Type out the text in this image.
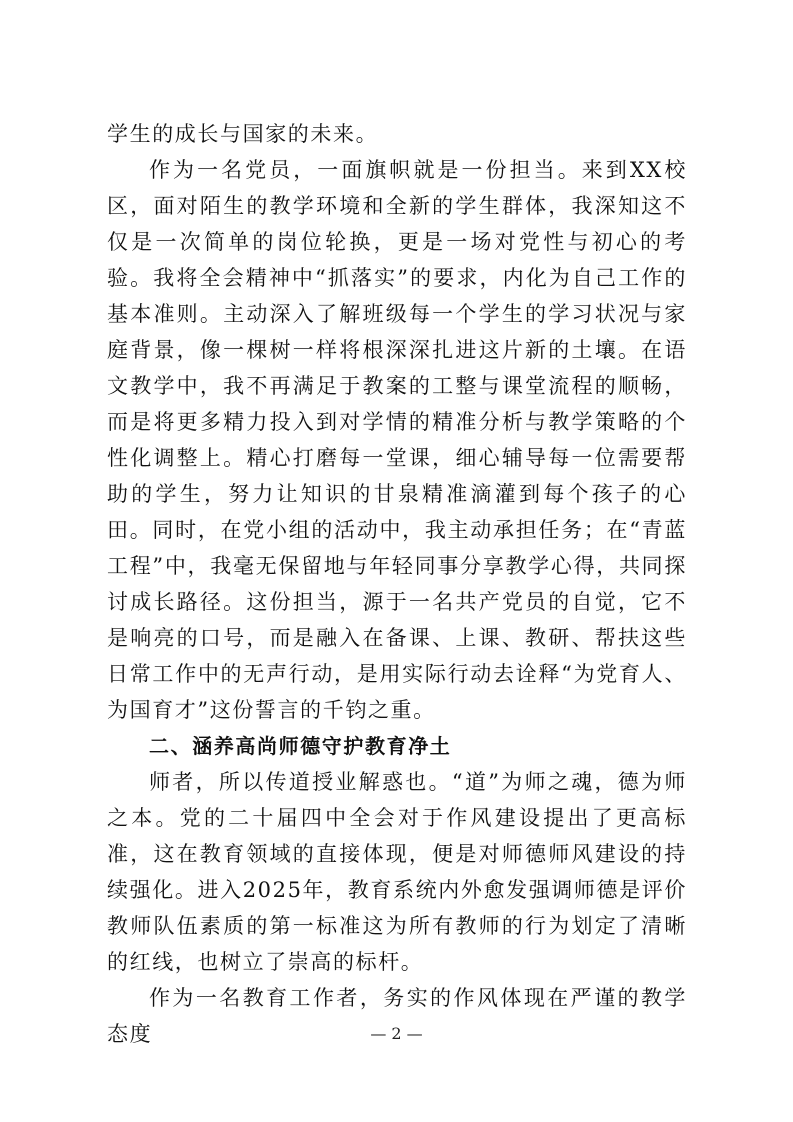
学生的成长与国家的未来。

作为一名党员，一面旗帜就是一份担当。来到XX校区，面对陌生的教学环境和全新的学生群体，我深知这不仅是一次简单的岗位轮换，更是一场对党性与初心的考验。我将全会精神中“抓落实”的要求，内化为自己工作的基本准则。主动深入了解班级每一个学生的学习状况与家庭背景，像一棵树一样将根深深扎进这片新的土壤。在语文教学中，我不再满足于教案的工整与课堂流程的顺畅，而是将更多精力投入到对学情的精准分析与教学策略的个性化调整上。精心打磨每一堂课，细心辅导每一位需要帮助的学生，努力让知识的甘泉精准滴灌到每个孩子的心田。同时，在党小组的活动中，我主动承担任务；在“青蓝工程”中，我毫无保留地与年轻同事分享教学心得，共同探讨成长路径。这份担当，源于一名共产党员的自觉，它不是响亮的口号，而是融入在备课、上课、教研、帮扶这些日常工作中的无声行动，是用实际行动去诠释“为党育人、为国育才”这份誓言的千钧之重。

二、涵养高尚师德守护教育净土

师者，所以传道授业解惑也。“道”为师之魂，德为师之本。党的二十届四中全会对于作风建设提出了更高标准，这在教育领域的直接体现，便是对师德师风建设的持续强化。进入2025年，教育系统内外愈发强调师德是评价教师队伍素质的第一标准这为所有教师的行为划定了清晰的红线，也树立了崇高的标杆。

作为一名教育工作者，务实的作风体现在严谨的教学态度	— 2 —
